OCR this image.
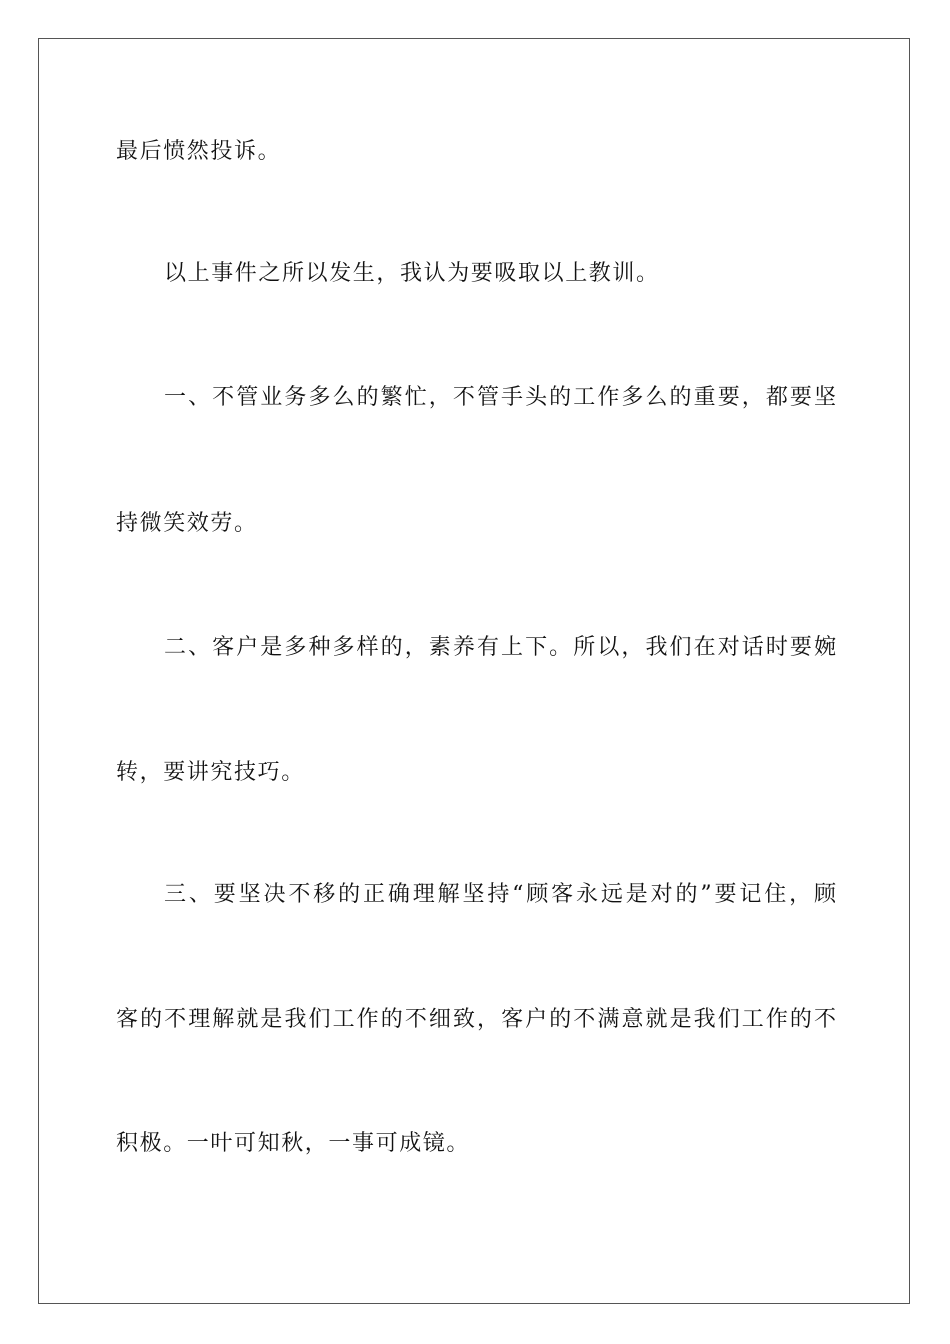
最后愤然投诉。
以上事件之所以发生，我认为要吸取以上教训。
一、不管业务多么的繁忙，不管手头的工作多么的重要，都要坚
持微笑效劳。
二、客户是多种多样的，素养有上下。所以，我们在对话时要婉
转，要讲究技巧。
三、要坚决不移的正确理解坚持“顾客永远是对的”要记住，顾
客的不理解就是我们工作的不细致，客户的不满意就是我们工作的不
积极。一叶可知秋，一事可成镜。
